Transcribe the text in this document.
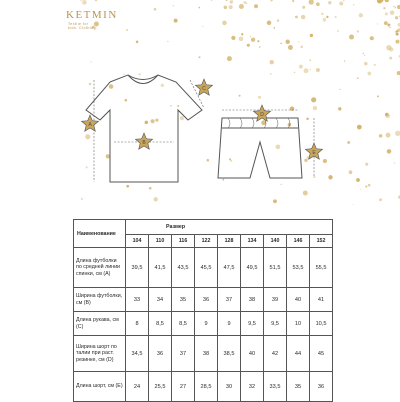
KETMIN
Textile for kids. Clothing.
A
B
C
D
E
Наименование	Размер								
	104	110	116	122	128	134	140	146	152
Длина футболки по средней линии спинки, см (А)	39,5	41,5	43,5	45,5	47,5	49,5	51,5	53,5	55,5
Ширина футболки, см (В)	33	34	35	36	37	38	39	40	41
Длина рукава, см (С)	8	8,5	8,5	9	9	9,5	9,5	10	10,5
Ширина шорт по талии при раст. резинке, см (D)	34,5	36	37	38	38,5	40	42	44	45
Длина шорт, см (Е)	24	25,5	27	28,5	30	32	33,5	35	36
